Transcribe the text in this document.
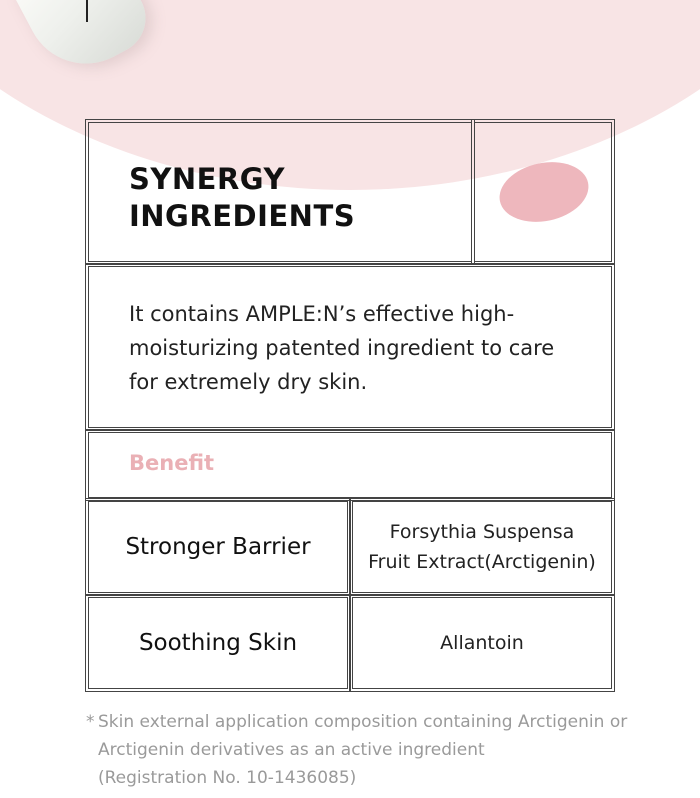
SYNERGY
INGREDIENTS

It contains AMPLE:N’s effective high-moisturizing patented ingredient to care for extremely dry skin.

Benefit
Stronger Barrier
Forsythia Suspensa
Fruit Extract(Arctigenin)
Soothing Skin	Allantoin
* Skin external application composition containing Arctigenin or
Arctigenin derivatives as an active ingredient
(Registration No. 10-1436085)
